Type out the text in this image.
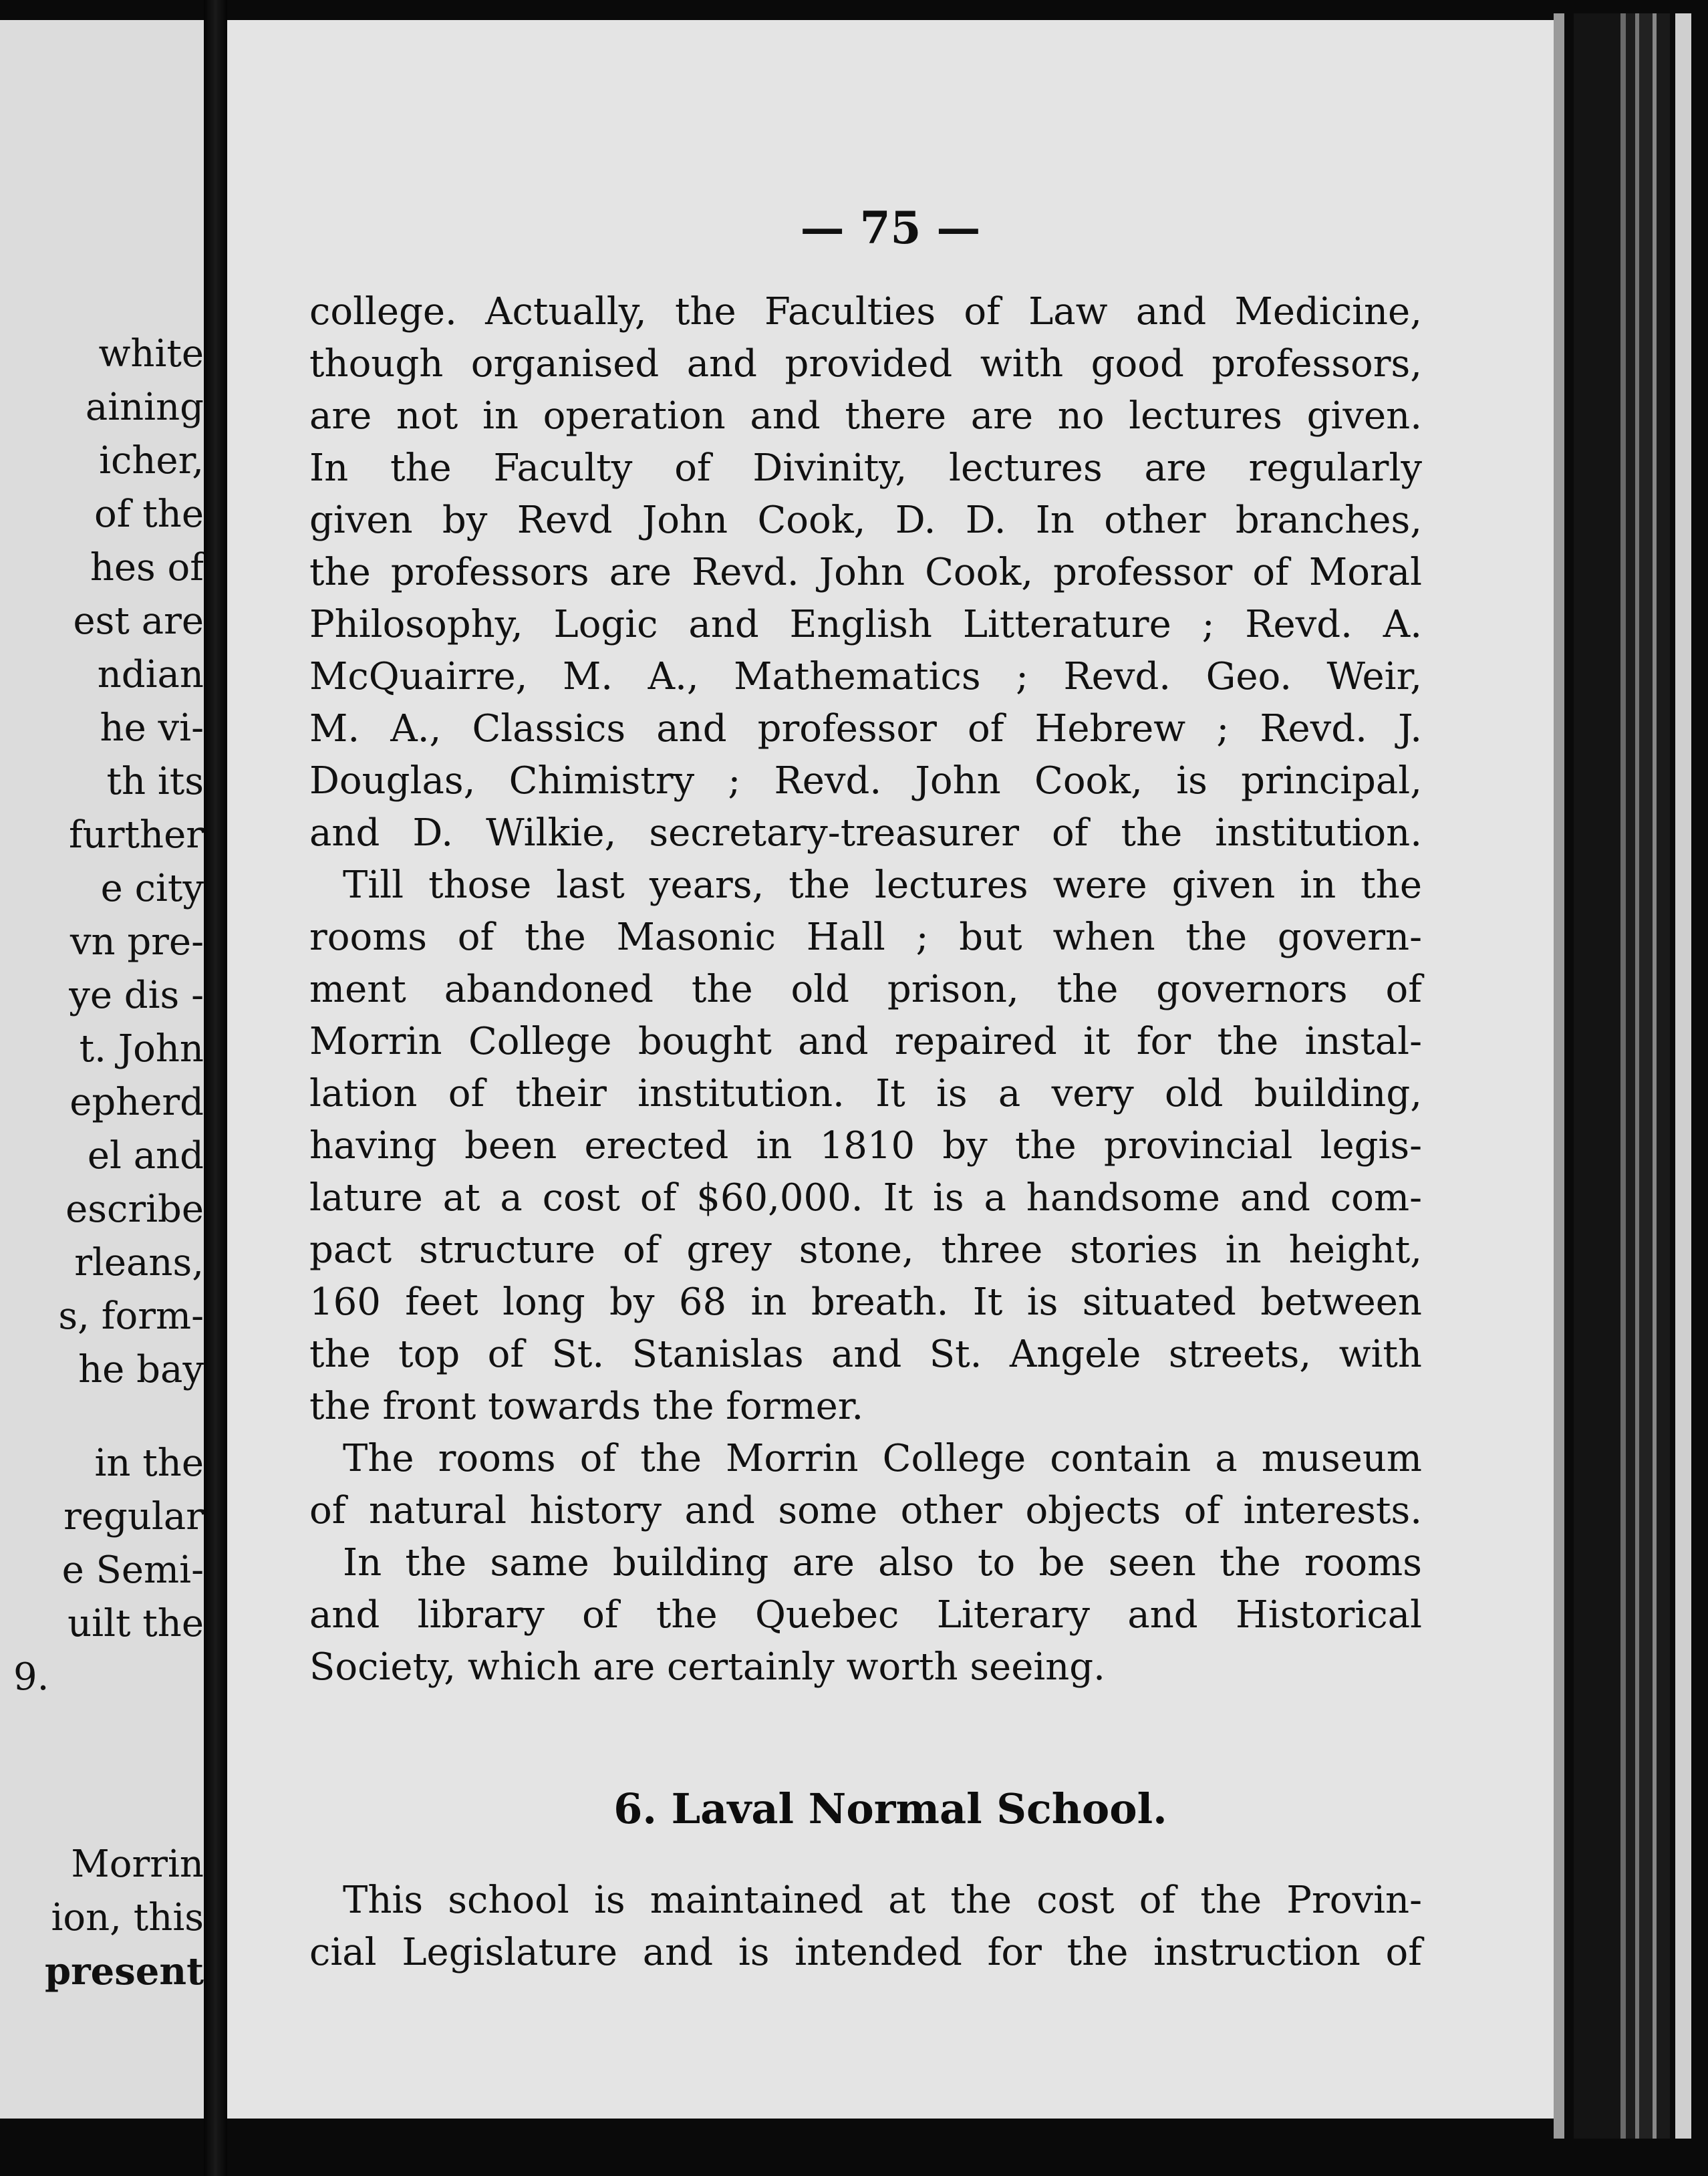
white
aining
icher,
of the
hes of
est are
ndian
he vi-
th its
further
e city
vn pre-
ye dis -
t. John
epherd
el and
escribe
rleans,
s, form-
he bay
in the
regular
e Semi-
uilt the
9.
Morrin
ion, this
present
— 75 —
college. Actually, the Faculties of Law and Medicine,
though organised and provided with good professors,
are not in operation and there are no lectures given.
In the Faculty of Divinity, lectures are regularly
given by Revd John Cook, D. D. In other branches,
the professors are Revd. John Cook, professor of Moral
Philosophy, Logic and English Litterature ; Revd. A.
McQuairre, M. A., Mathematics ; Revd. Geo. Weir,
M. A., Classics and professor of Hebrew ; Revd. J.
Douglas, Chimistry ; Revd. John Cook, is principal,
and D. Wilkie, secretary-treasurer of the institution.
Till those last years, the lectures were given in the
rooms of the Masonic Hall ; but when the govern-
ment abandoned the old prison, the governors of
Morrin College bought and repaired it for the instal-
lation of their institution. It is a very old building,
having been erected in 1810 by the provincial legis-
lature at a cost of $60,000. It is a handsome and com-
pact structure of grey stone, three stories in height,
160 feet long by 68 in breath. It is situated between
the top of St. Stanislas and St. Angele streets, with
the front towards the former.
The rooms of the Morrin College contain a museum
of natural history and some other objects of interests.
In the same building are also to be seen the rooms
and library of the Quebec Literary and Historical
Society, which are certainly worth seeing.
6. Laval Normal School.
This school is maintained at the cost of the Provin-
cial Legislature and is intended for the instruction of
